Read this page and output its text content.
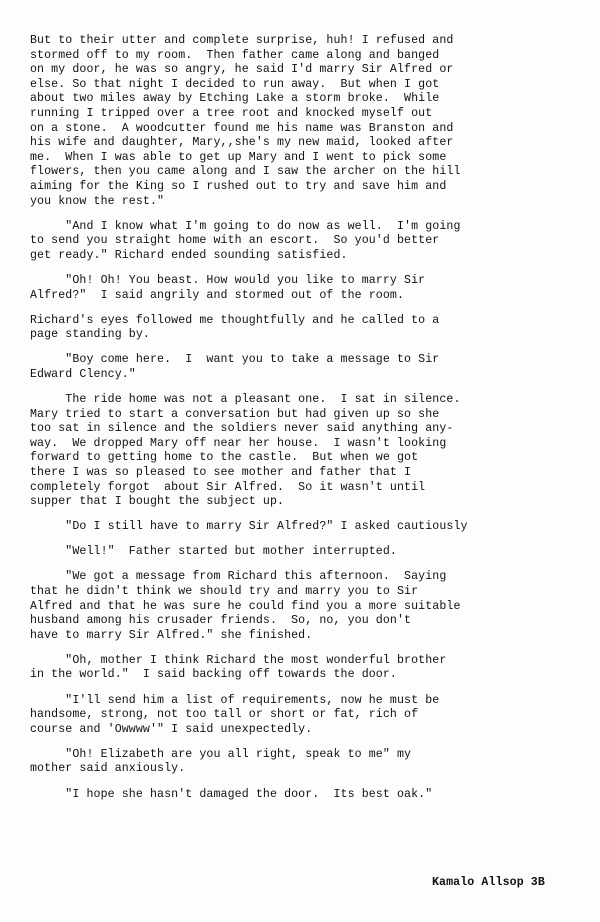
But to their utter and complete surprise, huh! I refused and
stormed off to my room.  Then father came along and banged
on my door, he was so angry, he said I'd marry Sir Alfred or
else. So that night I decided to run away.  But when I got
about two miles away by Etching Lake a storm broke.  While
running I tripped over a tree root and knocked myself out
on a stone.  A woodcutter found me his name was Branston and
his wife and daughter, Mary,,she's my new maid, looked after
me.  When I was able to get up Mary and I went to pick some
flowers, then you came along and I saw the archer on the hill
aiming for the King so I rushed out to try and save him and
you know the rest."

"And I know what I'm going to do now as well.  I'm going
to send you straight home with an escort.  So you'd better
get ready." Richard ended sounding satisfied.

"Oh! Oh! You beast. How would you like to marry Sir
Alfred?"  I said angrily and stormed out of the room.

Richard's eyes followed me thoughtfully and he called to a
page standing by.

"Boy come here.  I  want you to take a message to Sir
Edward Clency."

The ride home was not a pleasant one.  I sat in silence.
Mary tried to start a conversation but had given up so she
too sat in silence and the soldiers never said anything any-
way.  We dropped Mary off near her house.  I wasn't looking
forward to getting home to the castle.  But when we got
there I was so pleased to see mother and father that I
completely forgot  about Sir Alfred.  So it wasn't until
supper that I bought the subject up.

"Do I still have to marry Sir Alfred?" I asked cautiously

"Well!"  Father started but mother interrupted.

"We got a message from Richard this afternoon.  Saying
that he didn't think we should try and marry you to Sir
Alfred and that he was sure he could find you a more suitable
husband among his crusader friends.  So, no, you don't
have to marry Sir Alfred." she finished.

"Oh, mother I think Richard the most wonderful brother
in the world."  I said backing off towards the door.

"I'll send him a list of requirements, now he must be
handsome, strong, not too tall or short or fat, rich of
course and 'Owwww'" I said unexpectedly.

"Oh! Elizabeth are you all right, speak to me" my
mother said anxiously.

"I hope she hasn't damaged the door.  Its best oak."

Kamalo Allsop 3B
